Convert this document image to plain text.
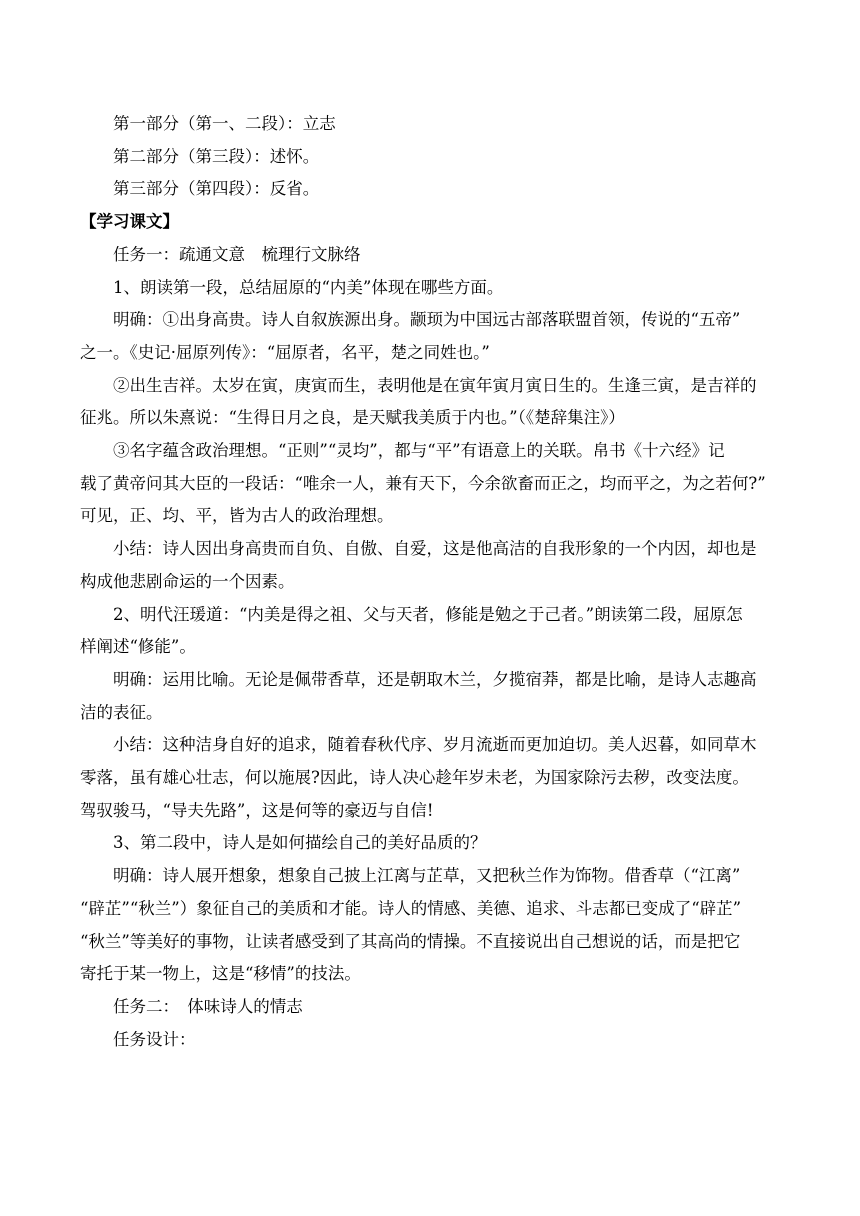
第一部分（第一、二段）：立志
第二部分（第三段）：述怀。
第三部分（第四段）：反省。
【学习课文】
任务一：疏通文意　梳理行文脉络
1、朗读第一段，总结屈原的“内美”体现在哪些方面。
明确：①出身高贵。诗人自叙族源出身。颛顼为中国远古部落联盟首领，传说的“五帝”
之一。《史记·屈原列传》：“屈原者，名平，楚之同姓也。”
②出生吉祥。太岁在寅，庚寅而生，表明他是在寅年寅月寅日生的。生逢三寅，是吉祥的
征兆。所以朱熹说：“生得日月之良，是天赋我美质于内也。”（《楚辞集注》）
③名字蕴含政治理想。“正则”“灵均”，都与“平”有语意上的关联。帛书《十六经》记
载了黄帝问其大臣的一段话：“唯余一人，兼有天下，今余欲畜而正之，均而平之，为之若何?”
可见，正、均、平，皆为古人的政治理想。
小结：诗人因出身高贵而自负、自傲、自爱，这是他高洁的自我形象的一个内因，却也是
构成他悲剧命运的一个因素。
2、明代汪瑗道：“内美是得之祖、父与天者，修能是勉之于己者。”朗读第二段，屈原怎
样阐述“修能”。
明确：运用比喻。无论是佩带香草，还是朝取木兰，夕揽宿莽，都是比喻，是诗人志趣高
洁的表征。
小结：这种洁身自好的追求，随着春秋代序、岁月流逝而更加迫切。美人迟暮，如同草木
零落，虽有雄心壮志，何以施展?因此，诗人决心趁年岁未老，为国家除污去秽，改变法度。
驾驭骏马，“导夫先路”，这是何等的豪迈与自信!
3、第二段中，诗人是如何描绘自己的美好品质的？
明确：诗人展开想象，想象自己披上江离与芷草，又把秋兰作为饰物。借香草（“江离”
“辟芷”“秋兰”）象征自己的美质和才能。诗人的情感、美德、追求、斗志都已变成了“辟芷”
“秋兰”等美好的事物，让读者感受到了其高尚的情操。不直接说出自己想说的话，而是把它
寄托于某一物上，这是“移情”的技法。
任务二：　体味诗人的情志
任务设计：
